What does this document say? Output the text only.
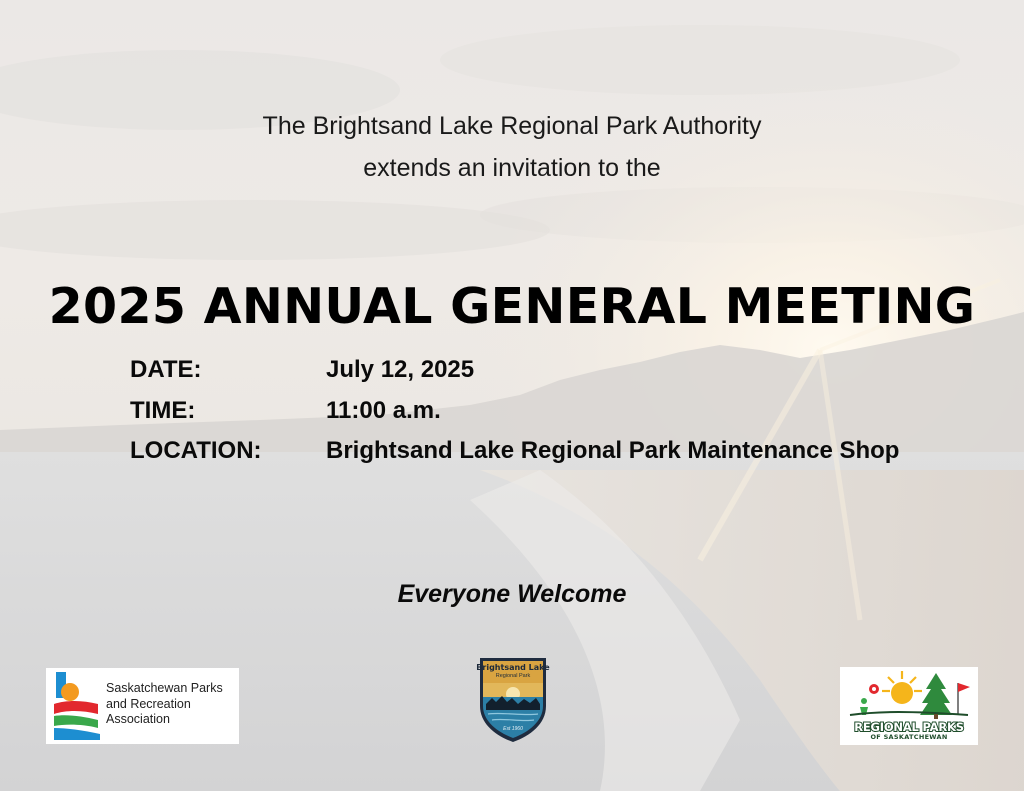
The Brightsand Lake Regional Park Authority
extends an invitation to the
2025 ANNUAL GENERAL MEETING
DATE:	July 12, 2025
TIME:	11:00 a.m.
LOCATION:	Brightsand Lake Regional Park Maintenance Shop
Everyone Welcome
Saskatchewan Parks
and Recreation
Association
Brightsand Lake
Regional Park
Est 1960	REGIONAL PARKS
OF SASKATCHEWAN
